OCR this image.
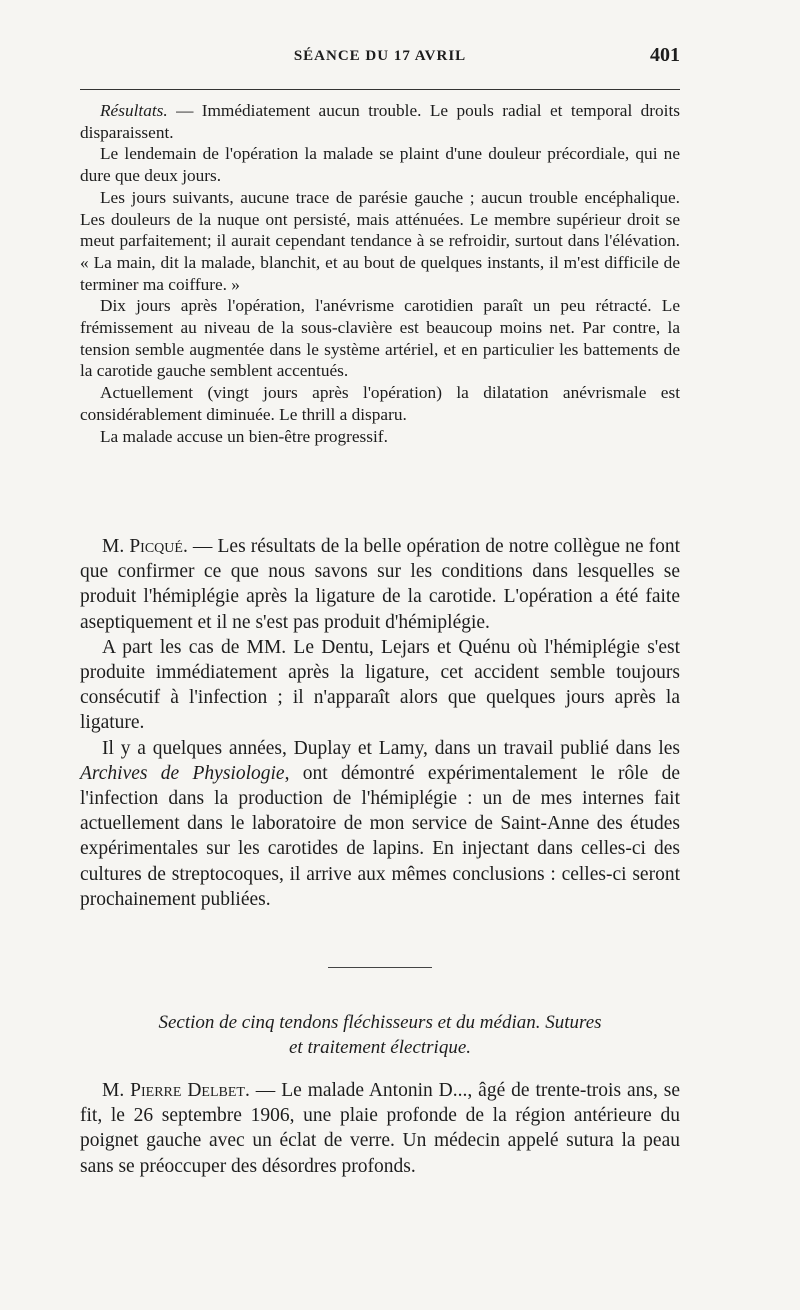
SÉANCE DU 17 AVRIL	401

Résultats. — Immédiatement aucun trouble. Le pouls radial et temporal droits disparaissent.

Le lendemain de l'opération la malade se plaint d'une douleur précordiale, qui ne dure que deux jours.

Les jours suivants, aucune trace de parésie gauche ; aucun trouble encéphalique. Les douleurs de la nuque ont persisté, mais atténuées. Le membre supérieur droit se meut parfaitement; il aurait cependant tendance à se refroidir, surtout dans l'élévation. « La main, dit la malade, blanchit, et au bout de quelques instants, il m'est difficile de terminer ma coiffure. »

Dix jours après l'opération, l'anévrisme carotidien paraît un peu rétracté. Le frémissement au niveau de la sous-clavière est beaucoup moins net. Par contre, la tension semble augmentée dans le système artériel, et en particulier les battements de la carotide gauche semblent accentués.

Actuellement (vingt jours après l'opération) la dilatation anévrismale est considérablement diminuée. Le thrill a disparu.

La malade accuse un bien-être progressif.

M. Picqué. — Les résultats de la belle opération de notre collègue ne font que confirmer ce que nous savons sur les conditions dans lesquelles se produit l'hémiplégie après la ligature de la carotide. L'opération a été faite aseptiquement et il ne s'est pas produit d'hémiplégie.

A part les cas de MM. Le Dentu, Lejars et Quénu où l'hémiplégie s'est produite immédiatement après la ligature, cet accident semble toujours consécutif à l'infection ; il n'apparaît alors que quelques jours après la ligature.

Il y a quelques années, Duplay et Lamy, dans un travail publié dans les Archives de Physiologie, ont démontré expérimentalement le rôle de l'infection dans la production de l'hémiplégie : un de mes internes fait actuellement dans le laboratoire de mon service de Saint-Anne des études expérimentales sur les carotides de lapins. En injectant dans celles-ci des cultures de streptocoques, il arrive aux mêmes conclusions : celles-ci seront prochainement publiées.

Section de cinq tendons fléchisseurs et du médian. Sutures
et traitement électrique.

M. Pierre Delbet. — Le malade Antonin D..., âgé de trente-trois ans, se fit, le 26 septembre 1906, une plaie profonde de la région antérieure du poignet gauche avec un éclat de verre. Un médecin appelé sutura la peau sans se préoccuper des désordres profonds.
